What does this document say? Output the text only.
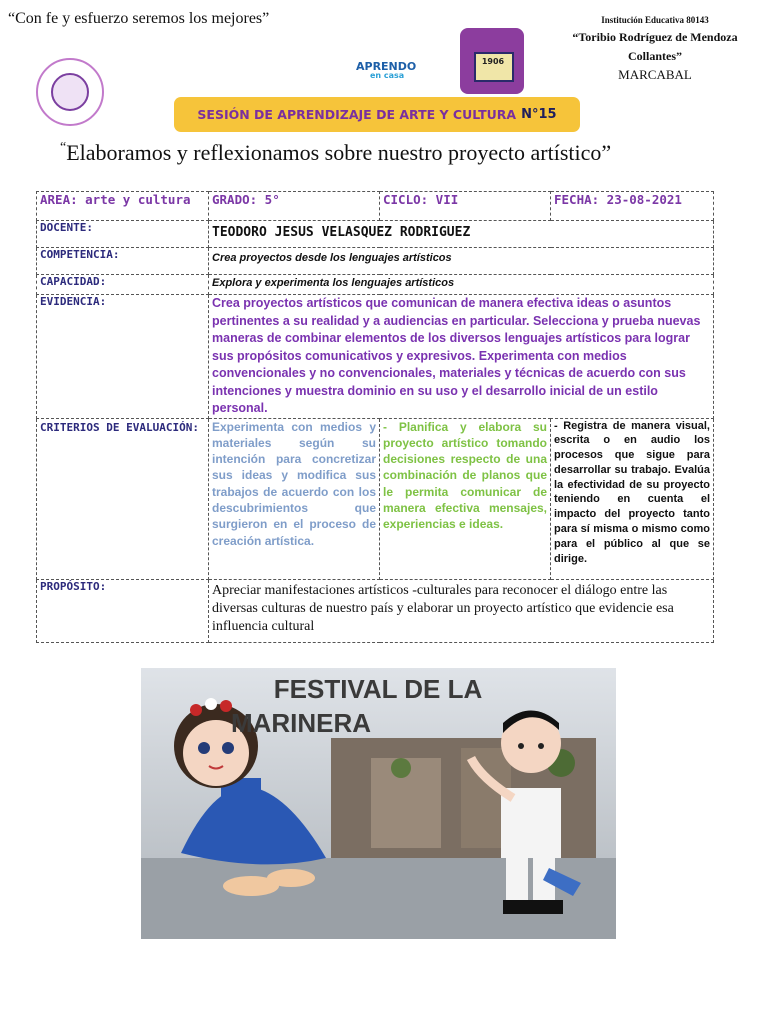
“Con fe y esfuerzo seremos los mejores”
APRENDO
en casa
1906
Institución Educativa 80143
“Toribio Rodríguez de Mendoza
Collantes”
MARCABAL
SESIÓN DE APRENDIZAJE DE ARTE Y CULTURA N°15
“Elaboramos y reflexionamos sobre nuestro proyecto artístico”
AREA: arte y cultura	GRADO: 5°	CICLO: VII	FECHA: 23-08-2021
DOCENTE:	TEODORO JESUS VELASQUEZ RODRIGUEZ		
COMPETENCIA:	Crea proyectos desde los lenguajes artísticos		
CAPACIDAD:	Explora y experimenta los lenguajes artísticos		
EVIDENCIA:	Crea proyectos artísticos que comunican de manera efectiva ideas o asuntos pertinentes a su realidad y a audiencias en particular. Selecciona y prueba nuevas maneras de combinar elementos de los diversos lenguajes artísticos para lograr sus propósitos comunicativos y expresivos. Experimenta con medios convencionales y no convencionales, materiales y técnicas de acuerdo con sus intenciones y muestra dominio en su uso y el desarrollo inicial de un estilo personal.		
CRITERIOS DE EVALUACIÓN:	Experimenta con medios y materiales según su intención para concretizar sus ideas y modifica sus trabajos de acuerdo con los descubrimientos que surgieron en el proceso de creación artística.	- Planifica y elabora su proyecto artístico tomando decisiones respecto de una combinación de planos que le permita comunicar de manera efectiva mensajes, experiencias e ideas.	- Registra de manera visual, escrita o en audio los procesos que sigue para desarrollar su trabajo. Evalúa la efectividad de su proyecto teniendo en cuenta el impacto del proyecto tanto para sí misma o mismo como para el público al que se dirige.
PROPÓSITO:	Apreciar manifestaciones artísticos -culturales para reconocer el diálogo entre las diversas culturas de nuestro país y elaborar un proyecto artístico que evidencie esa influencia cultural		
FESTIVAL DE LA
MARINERA
